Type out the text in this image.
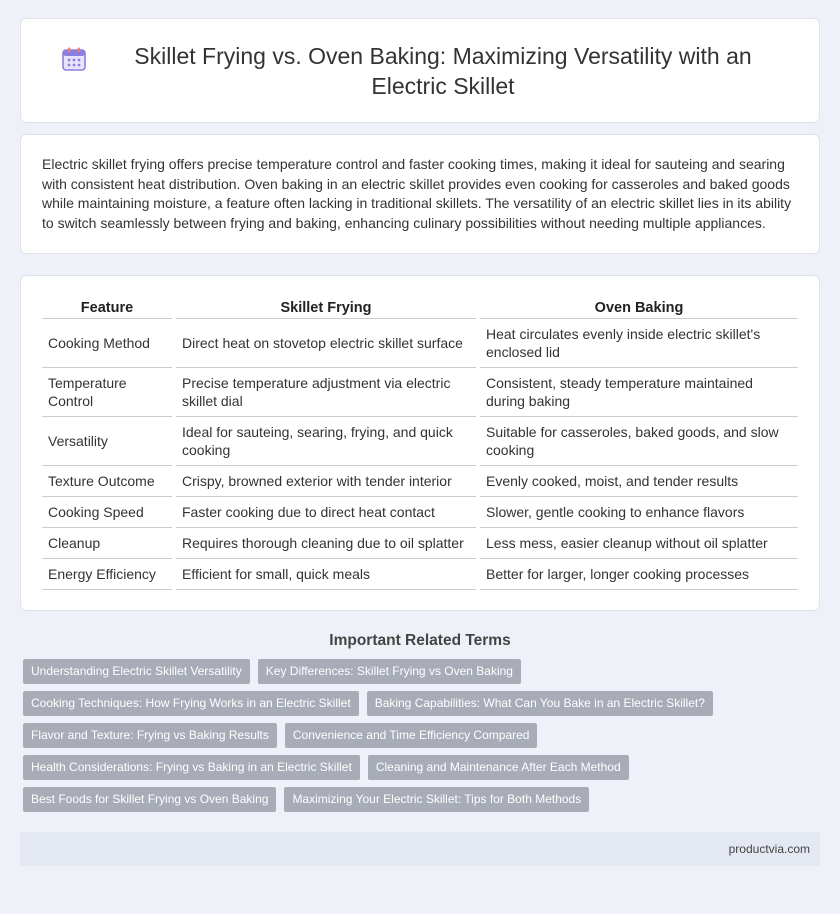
Skillet Frying vs. Oven Baking: Maximizing Versatility with an Electric Skillet

Electric skillet frying offers precise temperature control and faster cooking times, making it ideal for sauteing and searing with consistent heat distribution. Oven baking in an electric skillet provides even cooking for casseroles and baked goods while maintaining moisture, a feature often lacking in traditional skillets. The versatility of an electric skillet lies in its ability to switch seamlessly between frying and baking, enhancing culinary possibilities without needing multiple appliances.

Feature	Skillet Frying	Oven Baking
Cooking Method	Direct heat on stovetop electric skillet surface	Heat circulates evenly inside electric skillet's enclosed lid
Temperature Control	Precise temperature adjustment via electric skillet dial	Consistent, steady temperature maintained during baking
Versatility	Ideal for sauteing, searing, frying, and quick cooking	Suitable for casseroles, baked goods, and slow cooking
Texture Outcome	Crispy, browned exterior with tender interior	Evenly cooked, moist, and tender results
Cooking Speed	Faster cooking due to direct heat contact	Slower, gentle cooking to enhance flavors
Cleanup	Requires thorough cleaning due to oil splatter	Less mess, easier cleanup without oil splatter
Energy Efficiency	Efficient for small, quick meals	Better for larger, longer cooking processes
Important Related Terms
Understanding Electric Skillet Versatility	Key Differences: Skillet Frying vs Oven Baking
Cooking Techniques: How Frying Works in an Electric Skillet	Baking Capabilities: What Can You Bake in an Electric Skillet?
Flavor and Texture: Frying vs Baking Results	Convenience and Time Efficiency Compared
Health Considerations: Frying vs Baking in an Electric Skillet	Cleaning and Maintenance After Each Method
Best Foods for Skillet Frying vs Oven Baking	Maximizing Your Electric Skillet: Tips for Both Methods
productvia.com
